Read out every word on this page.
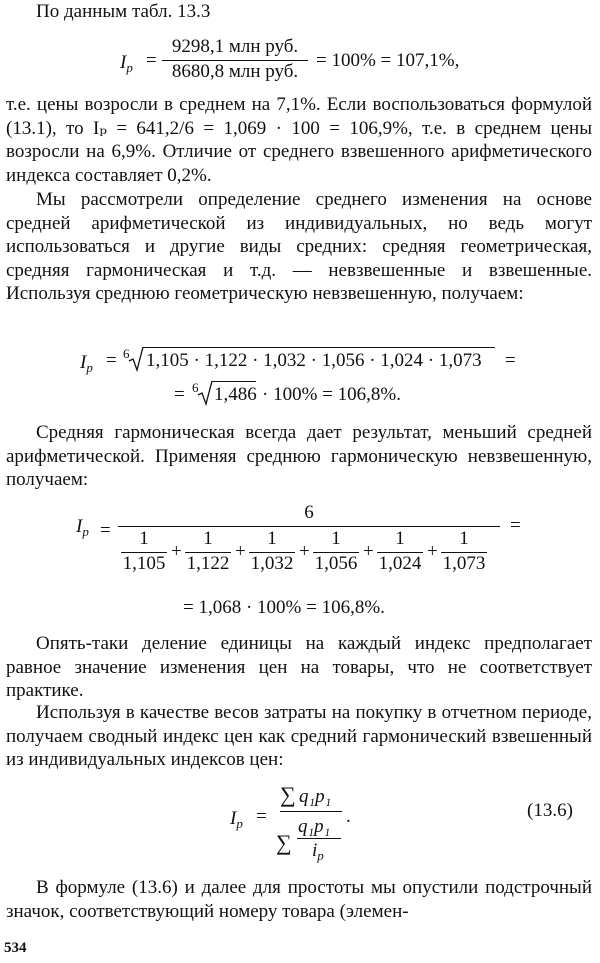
По данным табл. 13.3

$I_p$ =
9298,1 млн руб.
8680,8 млн руб.
= 100% = 107,1%,

т.е. цены возросли в среднем на 7,1%. Если воспользоваться формулой (13.1), то Iₚ = 641,2/6 = 1,069 · 100 = 106,9%, т.е. в среднем цены возросли на 6,9%. Отличие от среднего взвешенного арифметического индекса составляет 0,2%.

Мы рассмотрели определение среднего изменения на основе средней арифметической из индивидуальных, но ведь могут использоваться и другие виды средних: средняя геометрическая, средняя гармоническая и т.д. — невзвешенные и взвешенные. Используя среднюю геометрическую невзвешенную, получаем:

$I_p = 6$ 1,105 · 1,122 · 1,032 · 1,056 · 1,024 · 1,073 =
= 6 1,486 · 100% = 106,8%.

Средняя гармоническая всегда дает результат, меньший средней арифметической. Применяя среднюю гармоническую невзвешенную, получаем:

$I_p$ =
6
=
1
1,105
+
1
1,122
+
1
1,032
+
1
1,056
+
1
1,024
+
1
1,073
= 1,068 · 100% = 106,8%.

Опять-таки деление единицы на каждый индекс предполагает равное значение изменения цен на товары, что не соответствует практике.

Используя в качестве весов затраты на покупку в отчетном периоде, получаем сводный индекс цен как средний гармонический взвешенный из индивидуальных индексов цен:

$I_p$ =
∑ q₁p₁
∑
q₁p₁
$i_p$
.	(13.6)

В формуле (13.6) и далее для простоты мы опустили подстрочный значок, соответствующий номеру товара (элемен-

534
